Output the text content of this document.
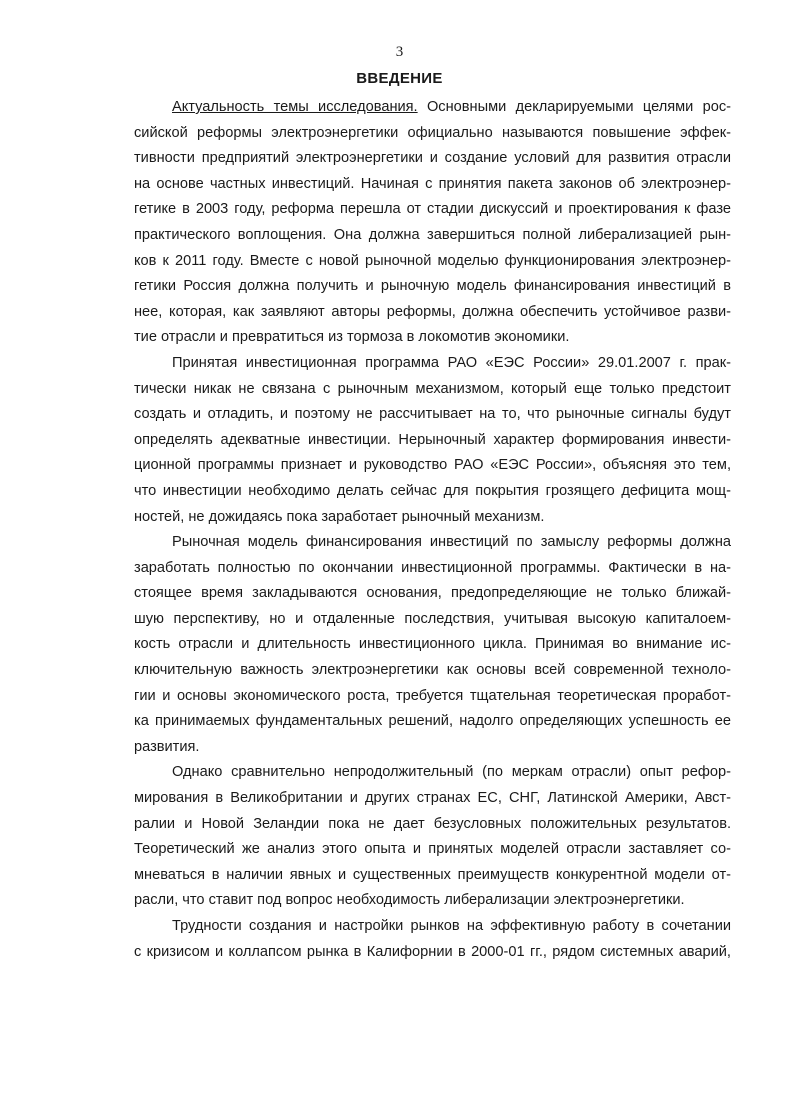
3
ВВЕДЕНИЕ
Актуальность темы исследования. Основными декларируемыми целями рос-
сийской реформы электроэнергетики официально называются повышение эффек-
тивности предприятий электроэнергетики и создание условий для развития отрасли
на основе частных инвестиций. Начиная с принятия пакета законов об электроэнер-
гетике в 2003 году, реформа перешла от стадии дискуссий и проектирования к фазе
практического воплощения. Она должна завершиться полной либерализацией рын-
ков к 2011 году. Вместе с новой рыночной моделью функционирования электроэнер-
гетики Россия должна получить и рыночную модель финансирования инвестиций в
нее, которая, как заявляют авторы реформы, должна обеспечить устойчивое разви-
тие отрасли и превратиться из тормоза в локомотив экономики.
Принятая инвестиционная программа РАО «ЕЭС России» 29.01.2007 г. прак-
тически никак не связана с рыночным механизмом, который еще только предстоит
создать и отладить, и поэтому не рассчитывает на то, что рыночные сигналы будут
определять адекватные инвестиции. Нерыночный характер формирования инвести-
ционной программы признает и руководство РАО «ЕЭС России», объясняя это тем,
что инвестиции необходимо делать сейчас для покрытия грозящего дефицита мощ-
ностей, не дожидаясь пока заработает рыночный механизм.
Рыночная модель финансирования инвестиций по замыслу реформы должна
заработать полностью по окончании инвестиционной программы. Фактически в на-
стоящее время закладываются основания, предопределяющие не только ближай-
шую перспективу, но и отдаленные последствия, учитывая высокую капиталоем-
кость отрасли и длительность инвестиционного цикла. Принимая во внимание ис-
ключительную важность электроэнергетики как основы всей современной техноло-
гии и основы экономического роста, требуется тщательная теоретическая проработ-
ка принимаемых фундаментальных решений, надолго определяющих успешность ее
развития.
Однако сравнительно непродолжительный (по меркам отрасли) опыт рефор-
мирования в Великобритании и других странах ЕС, СНГ, Латинской Америки, Авст-
ралии и Новой Зеландии пока не дает безусловных положительных результатов.
Теоретический же анализ этого опыта и принятых моделей отрасли заставляет со-
мневаться в наличии явных и существенных преимуществ конкурентной модели от-
расли, что ставит под вопрос необходимость либерализации электроэнергетики.
Трудности создания и настройки рынков на эффективную работу в сочетании
с кризисом и коллапсом рынка в Калифорнии в 2000-01 гг., рядом системных аварий,
